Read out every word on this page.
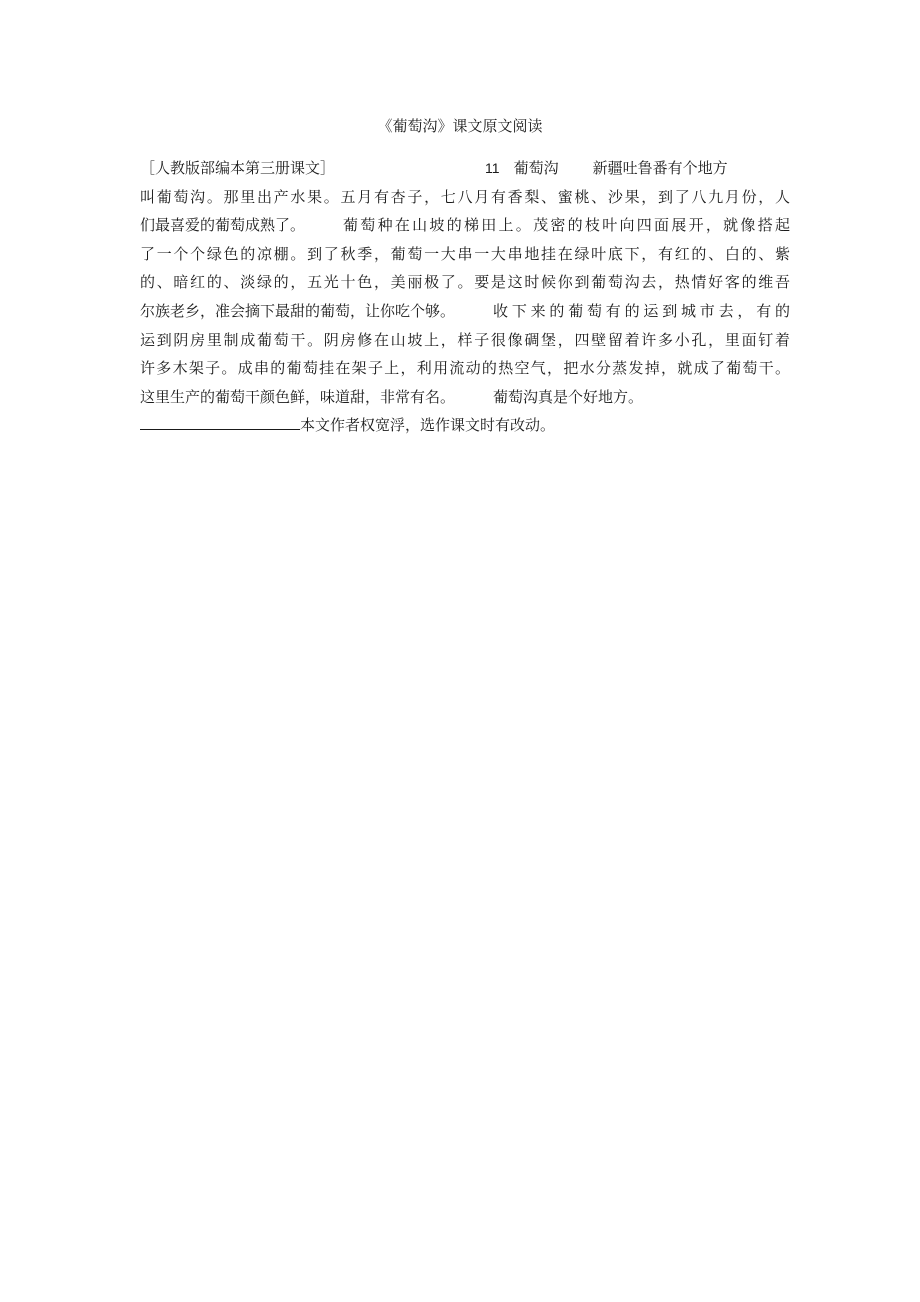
《葡萄沟》课文原文阅读
［人教版部编本第三册课文］	11 葡萄沟 新疆吐鲁番有个地方
叫葡萄沟。那里出产水果。五月有杏子，七八月有香梨、蜜桃、沙果，到了八九月份，人
们最喜爱的葡萄成熟了。	葡萄种在山坡的梯田上。茂密的枝叶向四面展开，就像搭起
了一个个绿色的凉棚。到了秋季，葡萄一大串一大串地挂在绿叶底下，有红的、白的、紫
的、暗红的、淡绿的，五光十色，美丽极了。要是这时候你到葡萄沟去，热情好客的维吾
尔族老乡，准会摘下最甜的葡萄，让你吃个够。	收下来的葡萄有的运到城市去，有的
运到阴房里制成葡萄干。阴房修在山坡上，样子很像碉堡，四壁留着许多小孔，里面钉着
许多木架子。成串的葡萄挂在架子上，利用流动的热空气，把水分蒸发掉，就成了葡萄干。
这里生产的葡萄干颜色鲜，味道甜，非常有名。	葡萄沟真是个好地方。
本文作者权宽浮，选作课文时有改动。
